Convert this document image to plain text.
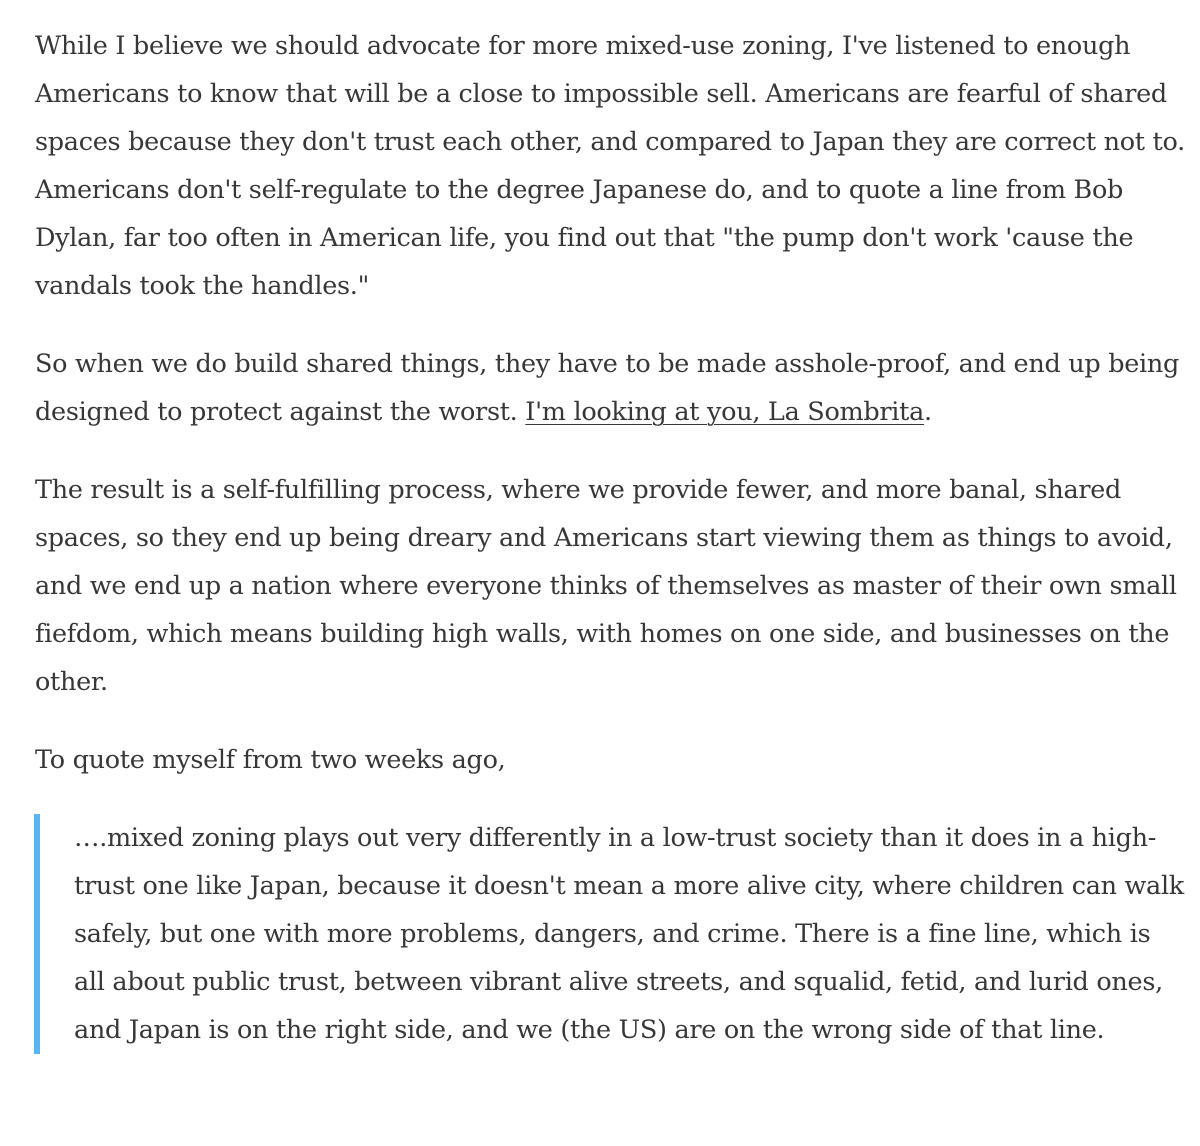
While I believe we should advocate for more mixed-use zoning, I've listened to enough Americans to know that will be a close to impossible sell. Americans are fearful of shared spaces because they don't trust each other, and compared to Japan they are correct not to. Americans don't self-regulate to the degree Japanese do, and to quote a line from Bob Dylan, far too often in American life, you find out that "the pump don't work 'cause the vandals took the handles."

So when we do build shared things, they have to be made asshole-proof, and end up being designed to protect against the worst. I'm looking at you, La Sombrita.

The result is a self-fulfilling process, where we provide fewer, and more banal, shared spaces, so they end up being dreary and Americans start viewing them as things to avoid, and we end up a nation where everyone thinks of themselves as master of their own small fiefdom, which means building high walls, with homes on one side, and businesses on the other.

To quote myself from two weeks ago,

….mixed zoning plays out very differently in a low-trust society than it does in a high-trust one like Japan, because it doesn't mean a more alive city, where children can walk safely, but one with more problems, dangers, and crime. There is a fine line, which is all about public trust, between vibrant alive streets, and squalid, fetid, and lurid ones, and Japan is on the right side, and we (the US) are on the wrong side of that line.
